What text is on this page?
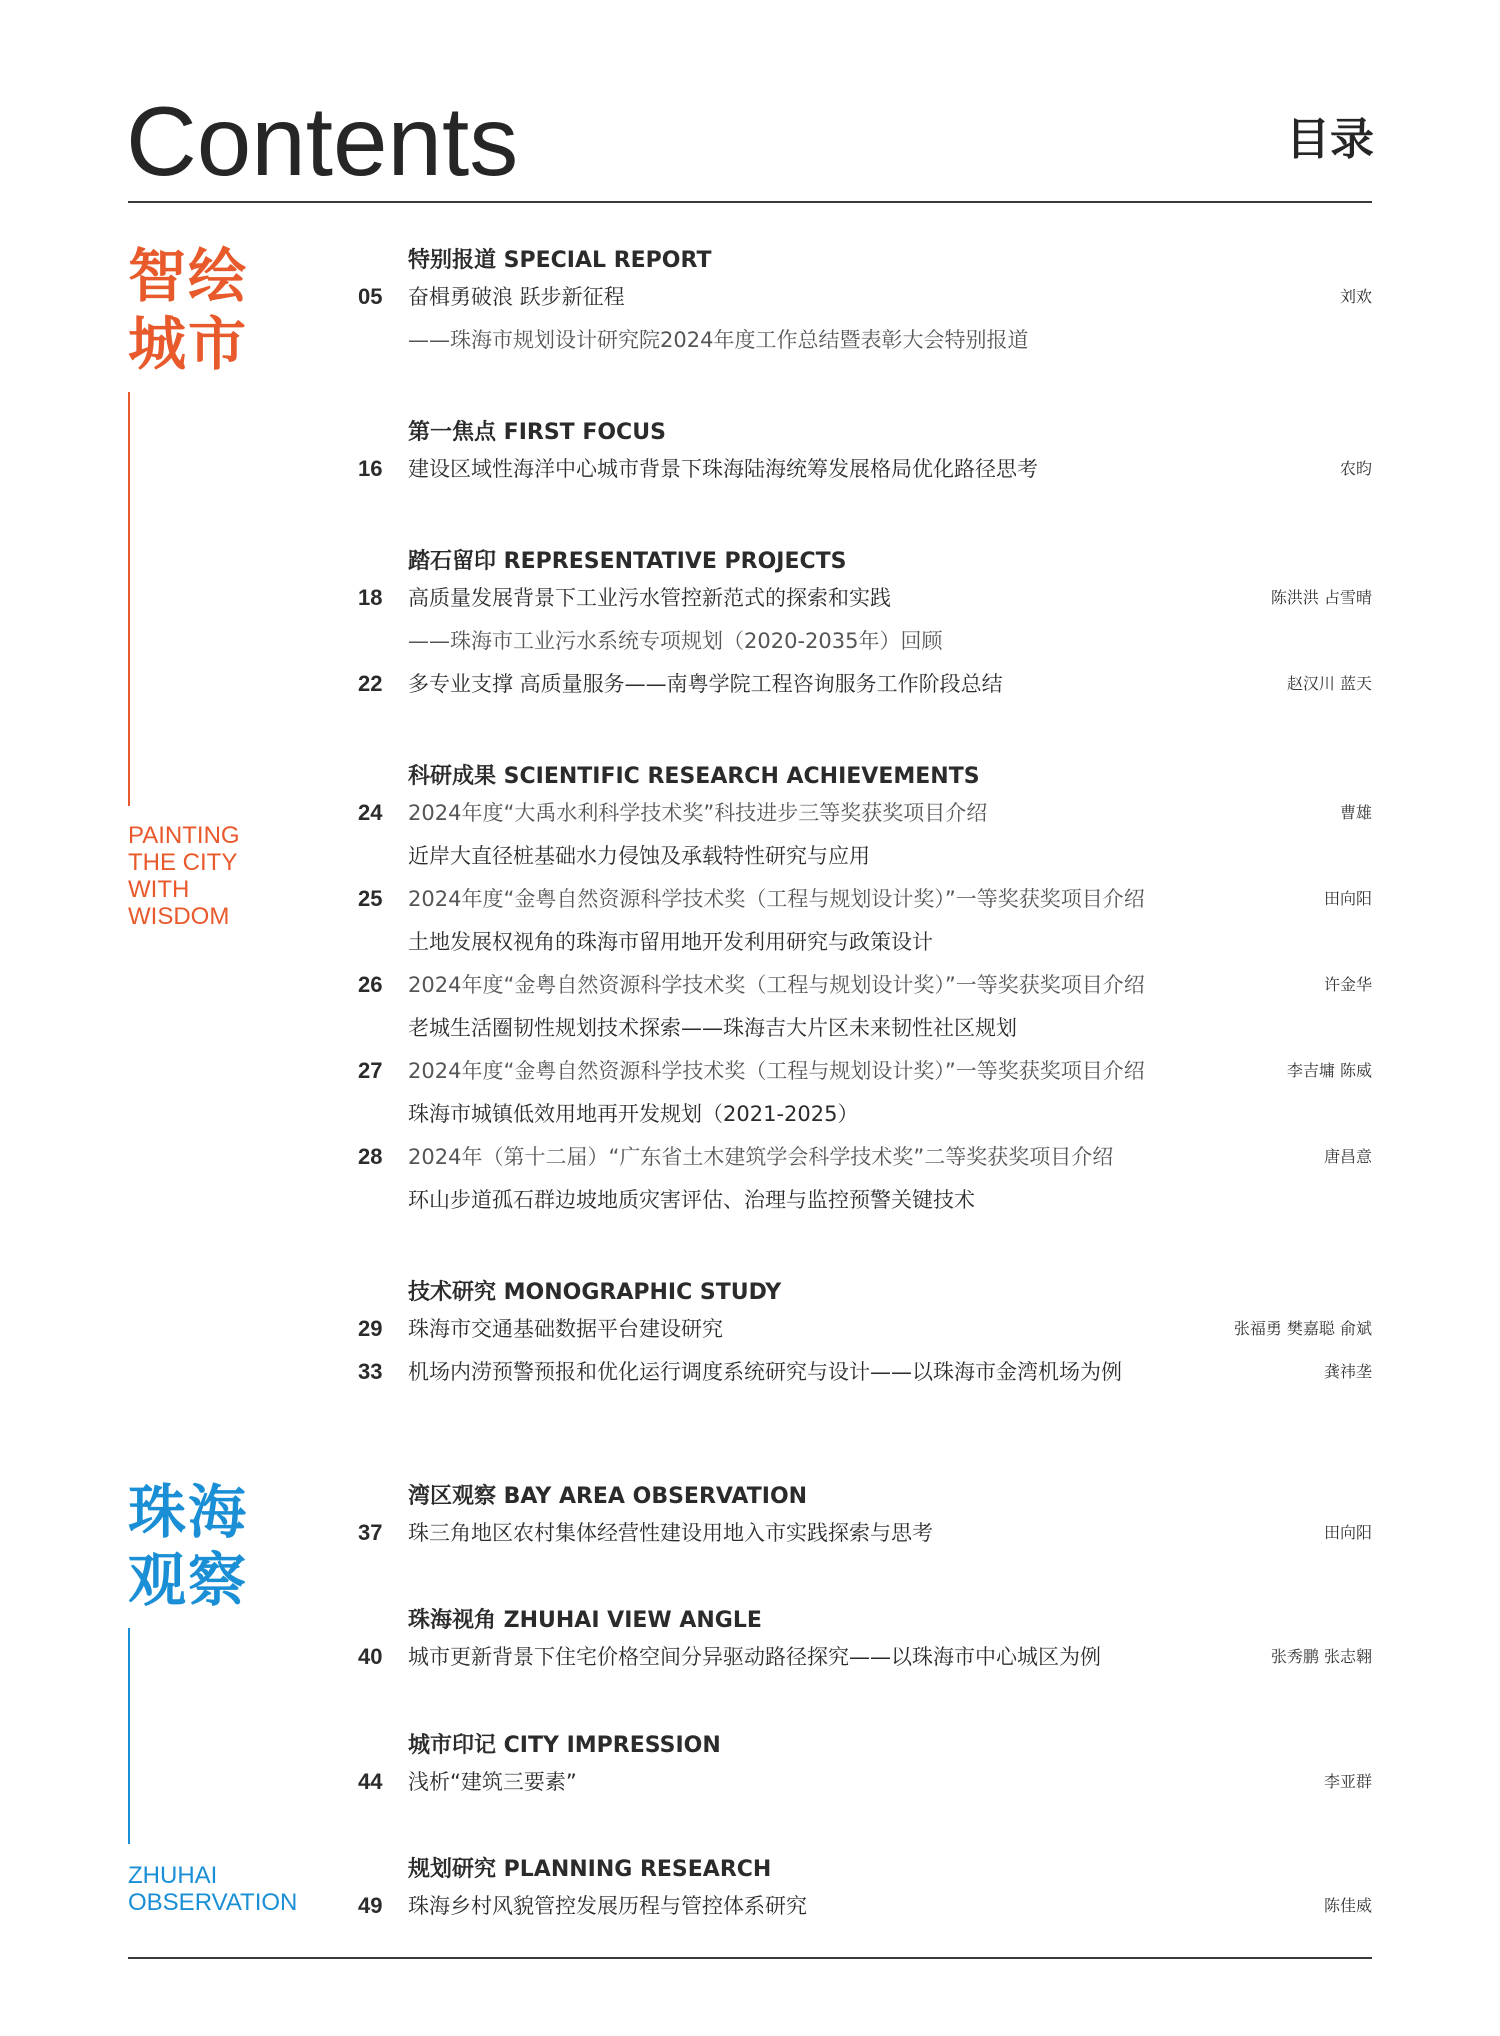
Contents	目录
智绘
城市
PAINTING
THE CITY
WITH
WISDOM
珠海
观察
ZHUHAI
OBSERVATION
特别报道 SPECIAL REPORT
05 奋楫勇破浪 跃步新征程	刘欢
——珠海市规划设计研究院2024年度工作总结暨表彰大会特别报道
第一焦点 FIRST FOCUS
16 建设区域性海洋中心城市背景下珠海陆海统筹发展格局优化路径思考	农昀
踏石留印 REPRESENTATIVE PROJECTS
18 高质量发展背景下工业污水管控新范式的探索和实践	陈洪洪 占雪晴
——珠海市工业污水系统专项规划（2020-2035年）回顾
22 多专业支撑 高质量服务——南粤学院工程咨询服务工作阶段总结	赵汉川 蓝天
科研成果 SCIENTIFIC RESEARCH ACHIEVEMENTS
24 2024年度“大禹水利科学技术奖”科技进步三等奖获奖项目介绍	曹雄
近岸大直径桩基础水力侵蚀及承载特性研究与应用
25 2024年度“金粤自然资源科学技术奖（工程与规划设计奖）”一等奖获奖项目介绍	田向阳
土地发展权视角的珠海市留用地开发利用研究与政策设计
26 2024年度“金粤自然资源科学技术奖（工程与规划设计奖）”一等奖获奖项目介绍	许金华
老城生活圈韧性规划技术探索——珠海吉大片区未来韧性社区规划
27 2024年度“金粤自然资源科学技术奖（工程与规划设计奖）”一等奖获奖项目介绍	李吉墉 陈威
珠海市城镇低效用地再开发规划（2021-2025）
28 2024年（第十二届）“广东省土木建筑学会科学技术奖”二等奖获奖项目介绍	唐昌意
环山步道孤石群边坡地质灾害评估、治理与监控预警关键技术
技术研究 MONOGRAPHIC STUDY
29 珠海市交通基础数据平台建设研究	张福勇 樊嘉聪 俞斌
33 机场内涝预警预报和优化运行调度系统研究与设计——以珠海市金湾机场为例	龚祎垄
湾区观察 BAY AREA OBSERVATION
37 珠三角地区农村集体经营性建设用地入市实践探索与思考	田向阳
珠海视角 ZHUHAI VIEW ANGLE
40 城市更新背景下住宅价格空间分异驱动路径探究——以珠海市中心城区为例	张秀鹏 张志翱
城市印记 CITY IMPRESSION
44 浅析“建筑三要素”	李亚群
规划研究 PLANNING RESEARCH
49 珠海乡村风貌管控发展历程与管控体系研究	陈佳威
